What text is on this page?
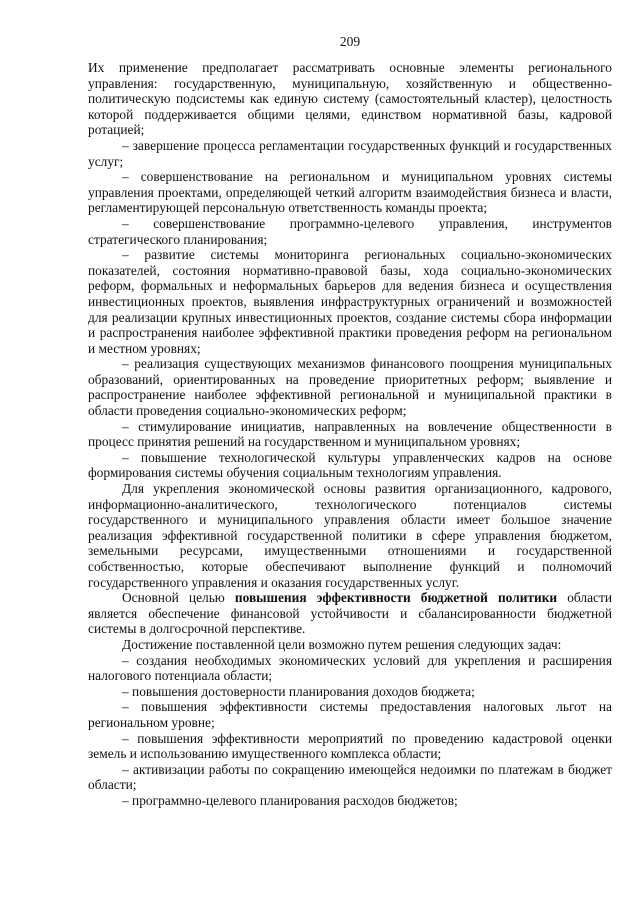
209

Их применение предполагает рассматривать основные элементы регионального управления: государственную, муниципальную, хозяйственную и общественно-политическую подсистемы как единую систему (самостоятельный кластер), целостность которой поддерживается общими целями, единством нормативной базы, кадровой ротацией;

– завершение процесса регламентации государственных функций и государственных услуг;

– совершенствование на региональном и муниципальном уровнях системы управления проектами, определяющей четкий алгоритм взаимодействия бизнеса и власти, регламентирующей персональную ответственность команды проекта;

– совершенствование программно-целевого управления, инструментов стратегического планирования;

– развитие системы мониторинга региональных социально-экономических показателей, состояния нормативно-правовой базы, хода социально-экономических реформ, формальных и неформальных барьеров для ведения бизнеса и осуществления инвестиционных проектов, выявления инфраструктурных ограничений и возможностей для реализации крупных инвестиционных проектов, создание системы сбора информации и распространения наиболее эффективной практики проведения реформ на региональном и местном уровнях;

– реализация существующих механизмов финансового поощрения муниципальных образований, ориентированных на проведение приоритетных реформ; выявление и распространение наиболее эффективной региональной и муниципальной практики в области проведения социально-экономических реформ;

– стимулирование инициатив, направленных на вовлечение общественности в процесс принятия решений на государственном и муниципальном уровнях;

– повышение технологической культуры управленческих кадров на основе формирования системы обучения социальным технологиям управления.

Для укрепления экономической основы развития организационного, кадрового, информационно-аналитического, технологического потенциалов системы государственного и муниципального управления области имеет большое значение реализация эффективной государственной политики в сфере управления бюджетом, земельными ресурсами, имущественными отношениями и государственной собственностью, которые обеспечивают выполнение функций и полномочий государственного управления и оказания государственных услуг.

Основной целью повышения эффективности бюджетной политики области является обеспечение финансовой устойчивости и сбалансированности бюджетной системы в долгосрочной перспективе.

Достижение поставленной цели возможно путем решения следующих задач:

– создания необходимых экономических условий для укрепления и расширения налогового потенциала области;

– повышения достоверности планирования доходов бюджета;

– повышения эффективности системы предоставления налоговых льгот на региональном уровне;

– повышения эффективности мероприятий по проведению кадастровой оценки земель и использованию имущественного комплекса области;

– активизации работы по сокращению имеющейся недоимки по платежам в бюджет области;

– программно-целевого планирования расходов бюджетов;
